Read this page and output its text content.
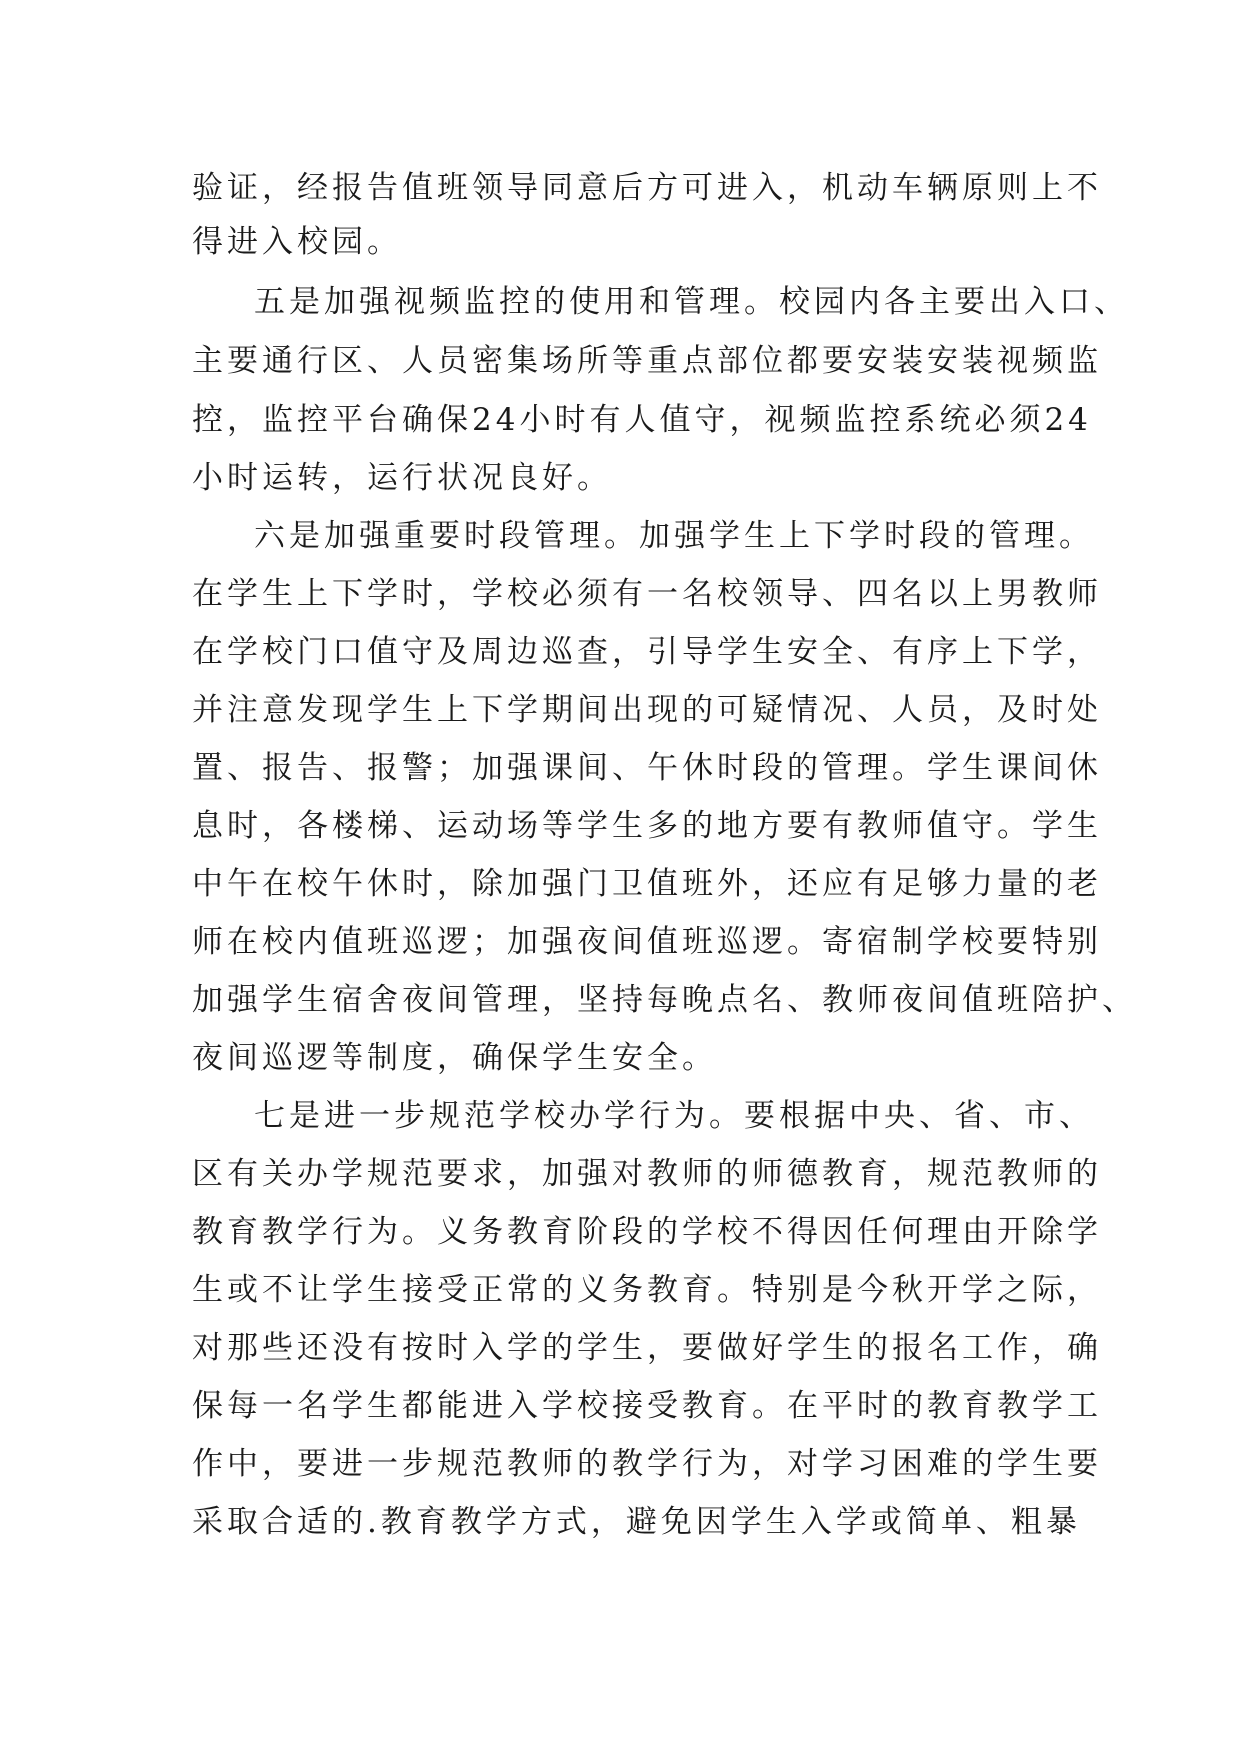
验证，经报告值班领导同意后方可进入，机动车辆原则上不
得进入校园。
五是加强视频监控的使用和管理。校园内各主要出入口、
主要通行区、人员密集场所等重点部位都要安装安装视频监
控，监控平台确保24小时有人值守，视频监控系统必须24
小时运转，运行状况良好。
六是加强重要时段管理。加强学生上下学时段的管理。
在学生上下学时，学校必须有一名校领导、四名以上男教师
在学校门口值守及周边巡查，引导学生安全、有序上下学，
并注意发现学生上下学期间出现的可疑情况、人员，及时处
置、报告、报警；加强课间、午休时段的管理。学生课间休
息时，各楼梯、运动场等学生多的地方要有教师值守。学生
中午在校午休时，除加强门卫值班外，还应有足够力量的老
师在校内值班巡逻；加强夜间值班巡逻。寄宿制学校要特别
加强学生宿舍夜间管理，坚持每晚点名、教师夜间值班陪护、
夜间巡逻等制度，确保学生安全。
七是进一步规范学校办学行为。要根据中央、省、市、
区有关办学规范要求，加强对教师的师德教育，规范教师的
教育教学行为。义务教育阶段的学校不得因任何理由开除学
生或不让学生接受正常的义务教育。特别是今秋开学之际，
对那些还没有按时入学的学生，要做好学生的报名工作，确
保每一名学生都能进入学校接受教育。在平时的教育教学工
作中，要进一步规范教师的教学行为，对学习困难的学生要
采取合适的.教育教学方式，避免因学生入学或简单、粗暴
